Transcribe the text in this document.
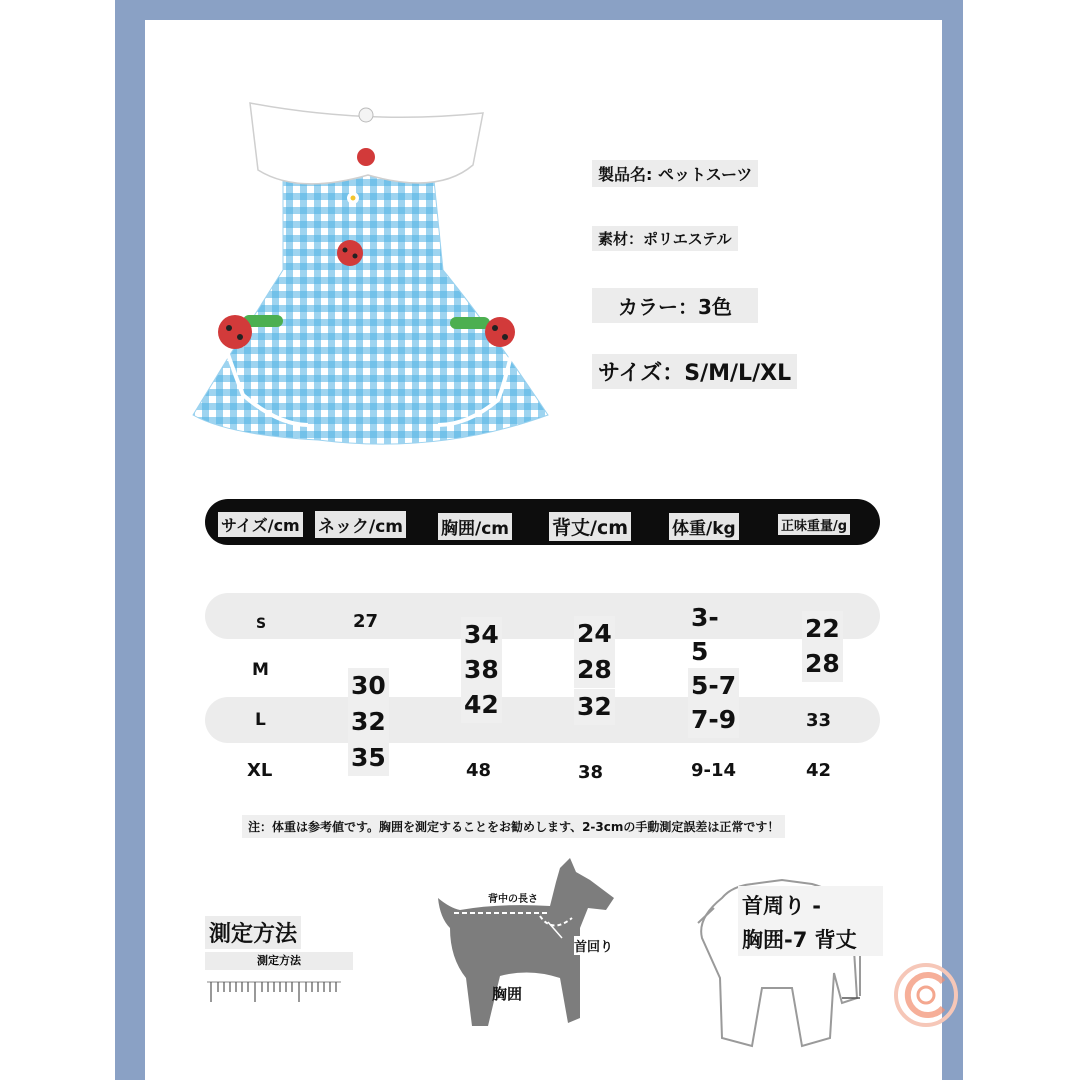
製品名: ペットスーツ
素材：ポリエステル
カラー：3色
サイズ：S/M/L/XL
サイズ/cm ネック/cm 胸囲/cm 背丈/cm	体重/kg	正味重量/g
S
M
L
XL
27
30
32
35
34
38
42
48
24
28
32
38
3-
5
5-7
7-9
9-14
22
28
33
42
注：体重は参考値です。胸囲を測定することをお勧めします、2-3cmの手動測定誤差は正常です！
測定方法
測定方法
背中の長さ
首回り
胸囲
首周り -
胸囲-7 背丈
